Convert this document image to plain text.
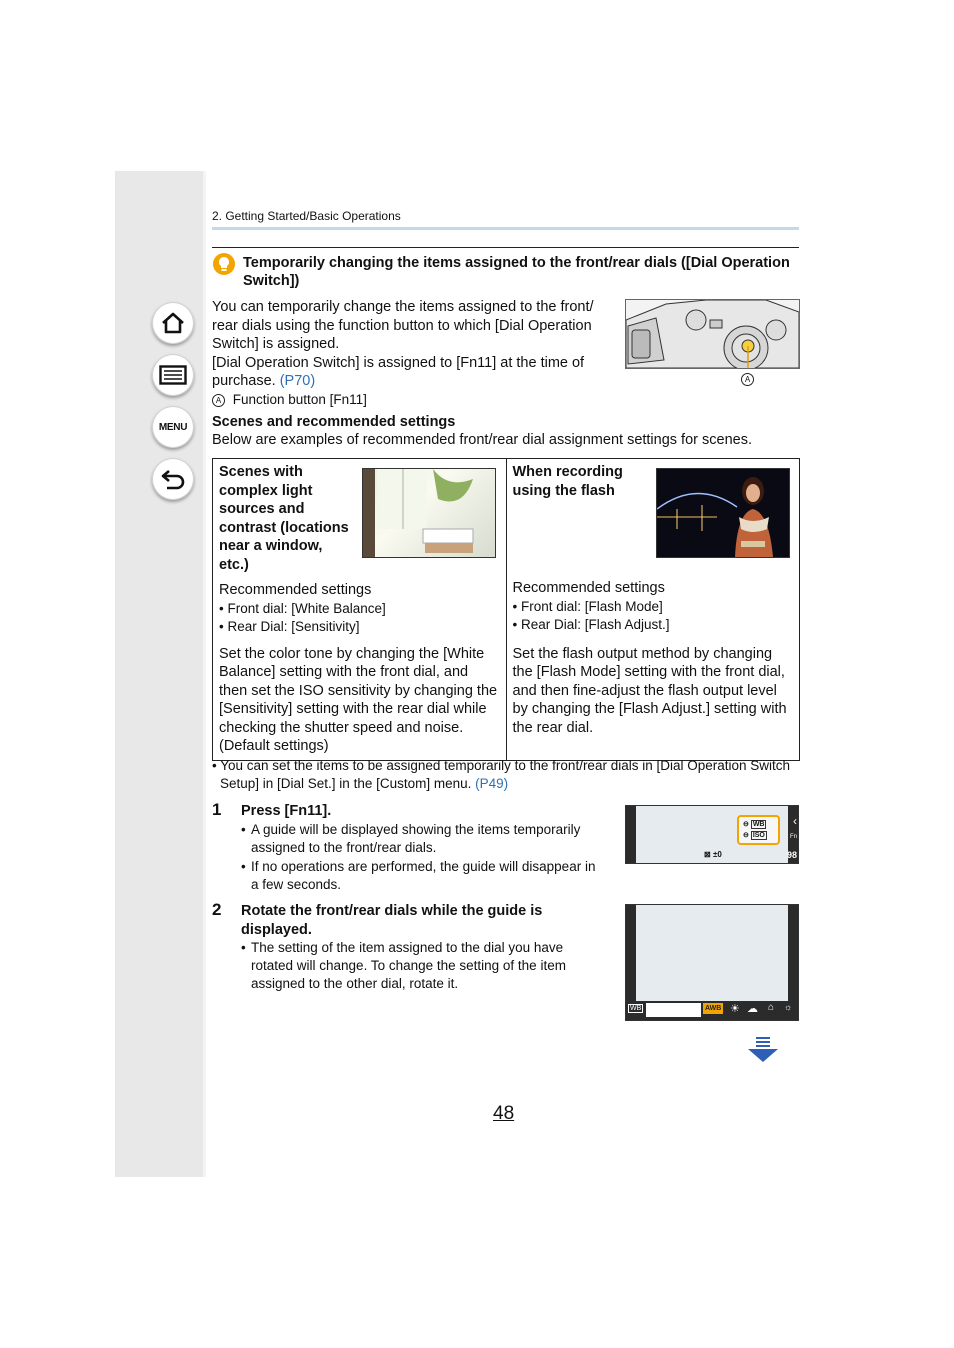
MENU
2. Getting Started/Basic Operations
Temporarily changing the items assigned to the front/rear dials ([Dial Operation Switch])
You can temporarily change the items assigned to the front/
rear dials using the function button to which [Dial Operation
Switch] is assigned.
[Dial Operation Switch] is assigned to [Fn11] at the time of
purchase. (P70)
A Function button [Fn11]
A
Scenes and recommended settings
Below are examples of recommended front/rear dial assignment settings for scenes.
Scenes with
complex light
sources and
contrast (locations
near a window,
etc.)
Recommended settings
• Front dial: [White Balance]
• Rear Dial: [Sensitivity]
Set the color tone by changing the [White Balance] setting with the front dial, and then set the ISO sensitivity by changing the [Sensitivity] setting with the rear dial while checking the shutter speed and noise. (Default settings)

When recording
using the flash
Recommended settings
• Front dial: [Flash Mode]
• Rear Dial: [Flash Adjust.]
Set the flash output method by changing the [Flash Mode] setting with the front dial, and then fine-adjust the flash output level by changing the [Flash Adjust.] setting with the rear dial.
• You can set the items to be assigned temporarily to the front/rear dials in [Dial Operation Switch
Setup] in [Dial Set.] in the [Custom] menu. (P49)
1 Press [Fn11].
• A guide will be displayed showing the items temporarily
assigned to the front/rear dials.
• If no operations are performed, the guide will disappear in
a few seconds.
⊖ WB
⊖ ISO
‹
Fn
⊠ ±0	98
2 Rotate the front/rear dials while the guide is
displayed.
• The setting of the item assigned to the dial you have
rotated will change. To change the setting of the item
assigned to the other dial, rotate it.
WB	AWB ☀ ☁ ⌂ ☼
48
